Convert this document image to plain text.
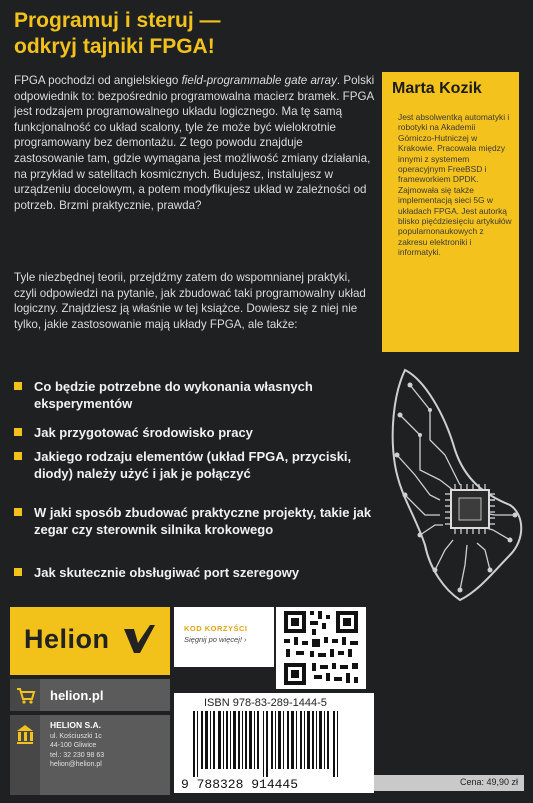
Programuj i steruj —
odkryj tajniki FPGA!
FPGA pochodzi od angielskiego field-programmable gate array. Polski odpowiednik to: bezpośrednio programowalna macierz bramek. FPGA jest rodzajem programowalnego układu logicznego. Ma tę samą funkcjonalność co układ scalony, tyle że może być wielokrotnie programowany bez demontażu. Z tego powodu znajduje zastosowanie tam, gdzie wymagana jest możliwość zmiany działania, na przykład w satelitach kosmicznych. Budujesz, instalujesz w urządzeniu docelowym, a potem modyfikujesz układ w zależności od potrzeb. Brzmi praktycznie, prawda?
Tyle niezbędnej teorii, przejdźmy zatem do wspomnianej praktyki, czyli odpowiedzi na pytanie, jak zbudować taki programowalny układ logiczny. Znajdziesz ją właśnie w tej książce. Dowiesz się z niej nie tylko, jakie zastosowanie mają układy FPGA, ale także:
Co będzie potrzebne do wykonania własnych eksperymentów
Jak przygotować środowisko pracy
Jakiego rodzaju elementów (układ FPGA, przyciski, diody) należy użyć i jak je połączyć
W jaki sposób zbudować praktyczne projekty, takie jak zegar czy sterownik silnika krokowego
Jak skutecznie obsługiwać port szeregowy
Marta Kozik
Jest absolwentką automatyki i robotyki na Akademii Górniczo-Hutniczej w Krakowie. Pracowała między innymi z systemem operacyjnym FreeBSD i frameworkiem DPDK. Zajmowała się także implementacją sieci 5G w układach FPGA. Jest autorką blisko pięćdziesięciu artykułów popularnonaukowych z zakresu elektroniki i informatyki.
Helion
helion.pl
HELION S.A.
ul. Kościuszki 1c
44-100 Gliwice
tel.: 32 230 98 63
helion@helion.pl
KOD KORZYŚCI
Sięgnij po więcej! ›
ISBN 978-83-289-1444-5
9 788328 914445	Cena: 49,90 zł
